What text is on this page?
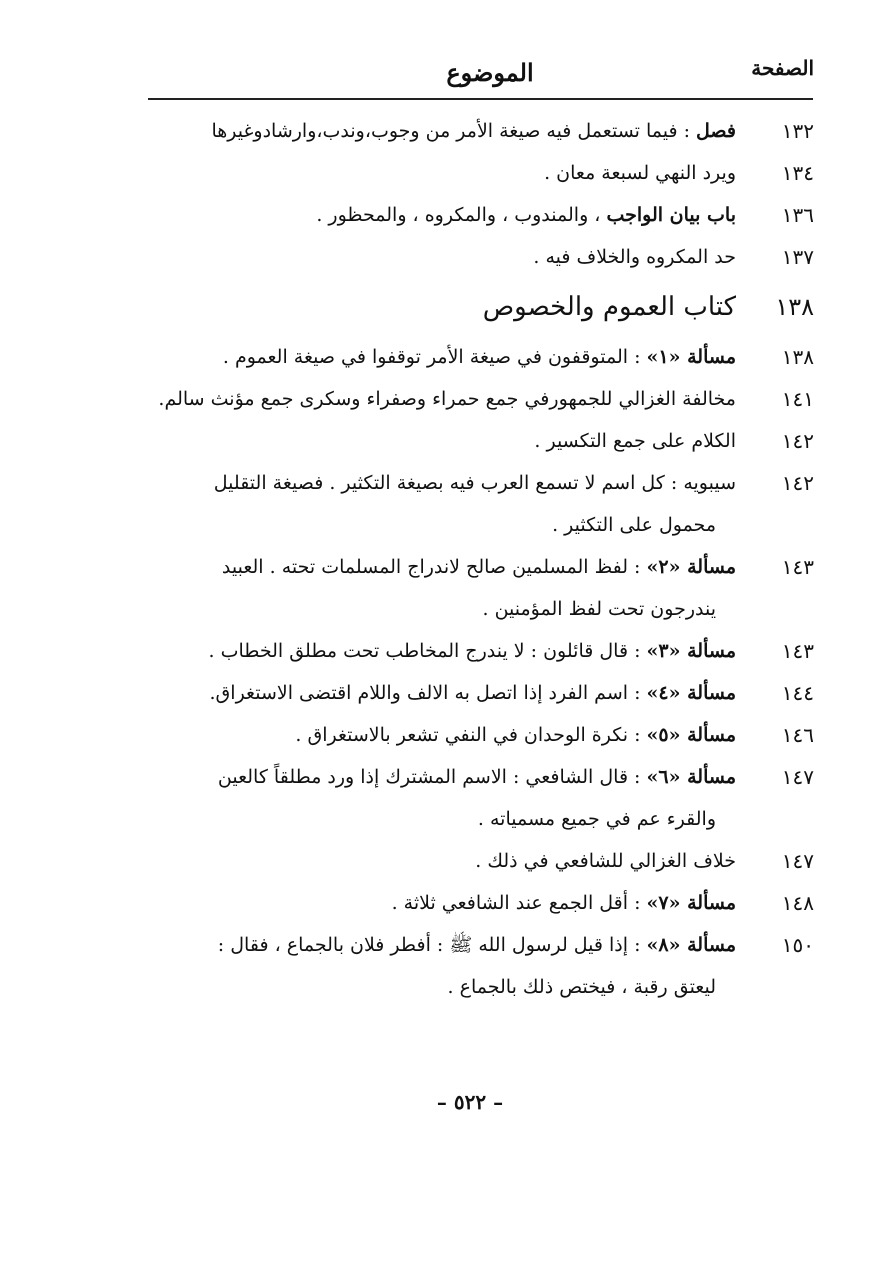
الصفحة
الموضوع
١٣٢
فصل : فيما تستعمل فيه صيغة الأمر من وجوب،وندب،وارشادوغيرها
١٣٤
ويرد النهي لسبعة معان .
١٣٦
باب بيان الواجب ، والمندوب ، والمكروه ، والمحظور .
١٣٧
حد المكروه والخلاف فيه .
١٣٨
كتاب العموم والخصوص
١٣٨
مسألة «١» : المتوقفون في صيغة الأمر توقفوا في صيغة العموم .
١٤١
مخالفة الغزالي للجمهورفي جمع حمراء وصفراء وسكرى جمع مؤنث سالم.
١٤٢
الكلام على جمع التكسير .
١٤٢
سيبويه : كل اسم لا تسمع العرب فيه بصيغة التكثير . فصيغة التقليل
محمول على التكثير .
١٤٣
مسألة «٢» : لفظ المسلمين صالح لاندراج المسلمات تحته . العبيد
يندرجون تحت لفظ المؤمنين .
١٤٣
مسألة «٣» : قال قائلون : لا يندرج المخاطب تحت مطلق الخطاب .
١٤٤
مسألة «٤» : اسم الفرد إذا اتصل به الالف واللام اقتضى الاستغراق.
١٤٦
مسألة «٥» : نكرة الوحدان في النفي تشعر بالاستغراق .
١٤٧
مسألة «٦» : قال الشافعي : الاسم المشترك إذا ورد مطلقاً كالعين
والقرء عم في جميع مسمياته .
١٤٧
خلاف الغزالي للشافعي في ذلك .
١٤٨
مسألة «٧» : أقل الجمع عند الشافعي ثلاثة .
١٥٠
مسألة «٨» : إذا قيل لرسول الله ﷺ : أفطر فلان بالجماع ، فقال :
ليعتق رقبة ، فيختص ذلك بالجماع .
– ٥٢٢ –
